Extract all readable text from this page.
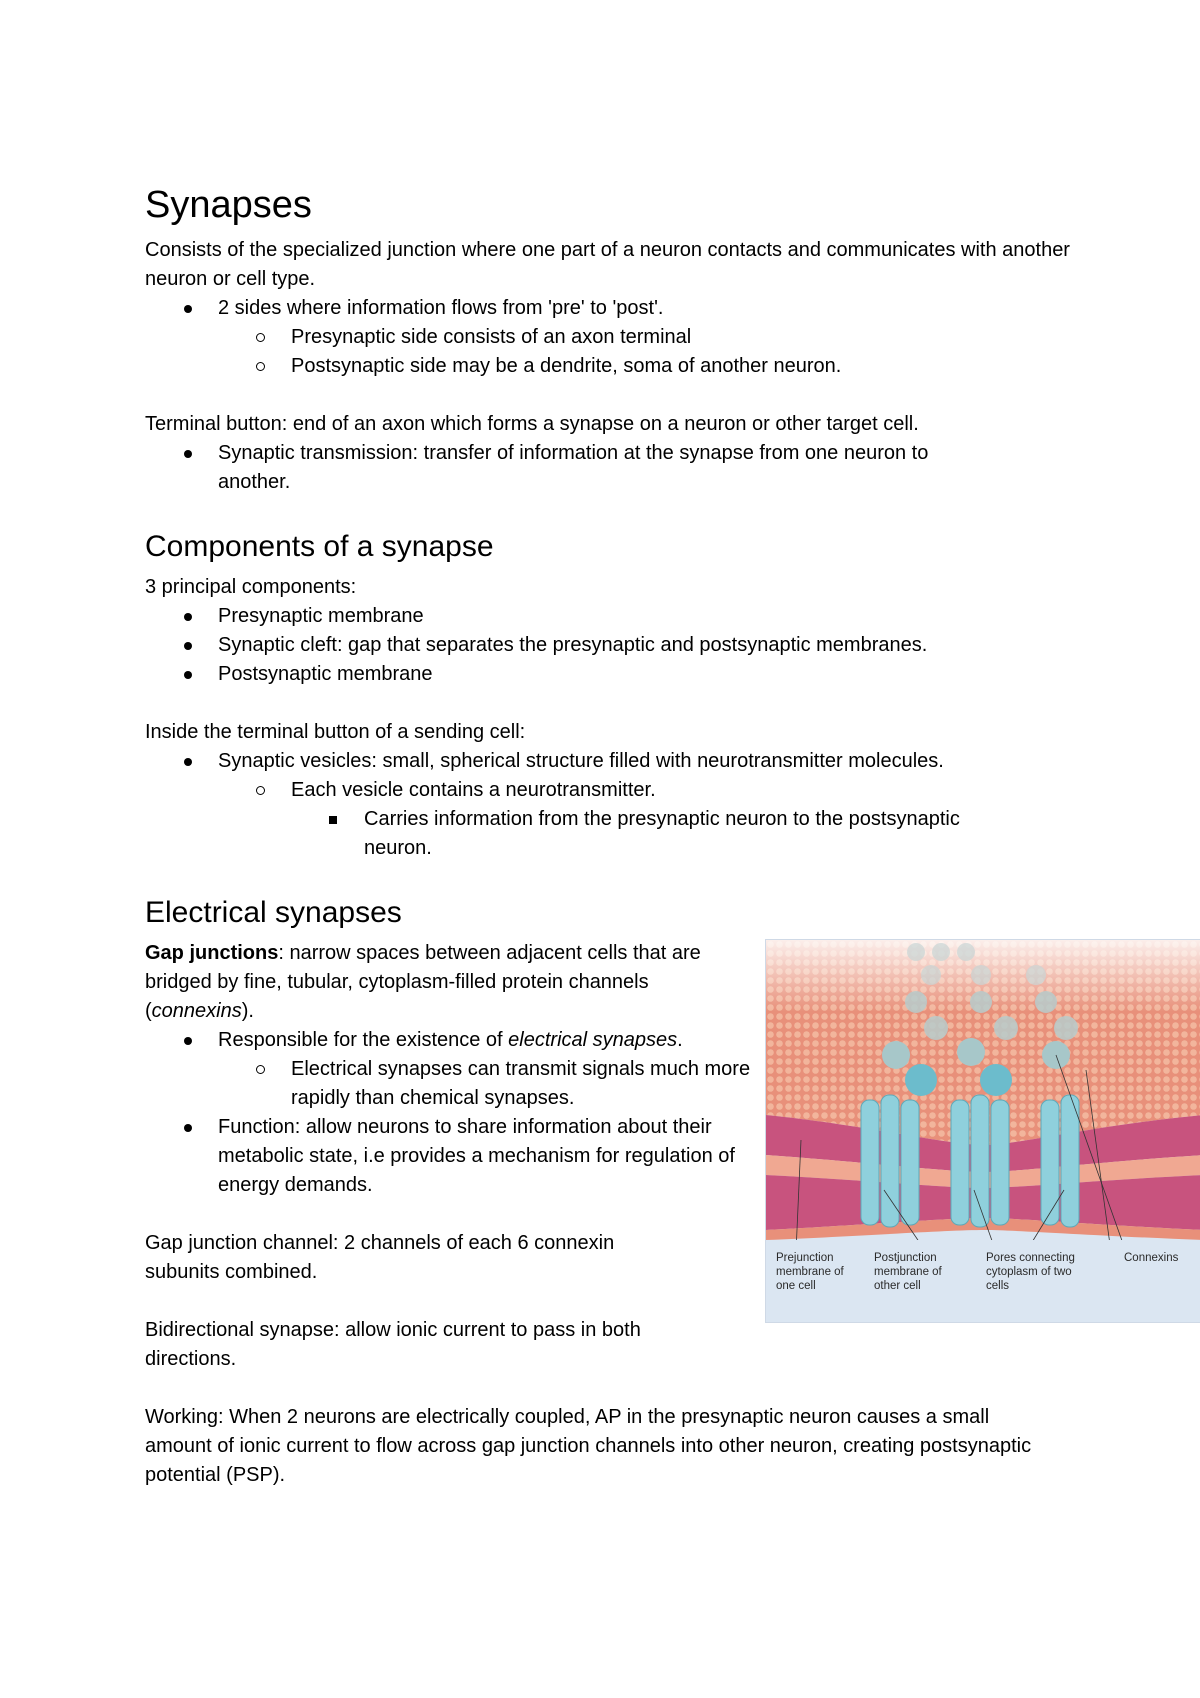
Synapses

Consists of the specialized junction where one part of a neuron contacts and communicates with another neuron or cell type.

2 sides where information flows from 'pre' to 'post'.
Presynaptic side consists of an axon terminal
Postsynaptic side may be a dendrite, soma of another neuron.

Terminal button: end of an axon which forms a synapse on a neuron or other target cell.

Synaptic transmission: transfer of information at the synapse from one neuron to another.
Components of a synapse

3 principal components:

Presynaptic membrane
Synaptic cleft: gap that separates the presynaptic and postsynaptic membranes.
Postsynaptic membrane

Inside the terminal button of a sending cell:

Synaptic vesicles: small, spherical structure filled with neurotransmitter molecules.
Each vesicle contains a neurotransmitter.
Carries information from the presynaptic neuron to the postsynaptic neuron.
Electrical synapses

Gap junctions: narrow spaces between adjacent cells that are bridged by fine, tubular, cytoplasm-filled protein channels (connexins).

Responsible for the existence of electrical synapses.
Electrical synapses can transmit signals much more rapidly than chemical synapses.
Function: allow neurons to share information about their metabolic state, i.e provides a mechanism for regulation of energy demands.

Gap junction channel: 2 channels of each 6 connexin subunits combined.

Bidirectional synapse: allow ionic current to pass in both directions.

Prejunction membrane of one cell
Postjunction membrane of other cell
Pores connecting cytoplasm of two cells
Connexins

Working: When 2 neurons are electrically coupled, AP in the presynaptic neuron causes a small amount of ionic current to flow across gap junction channels into other neuron, creating postsynaptic potential (PSP).
